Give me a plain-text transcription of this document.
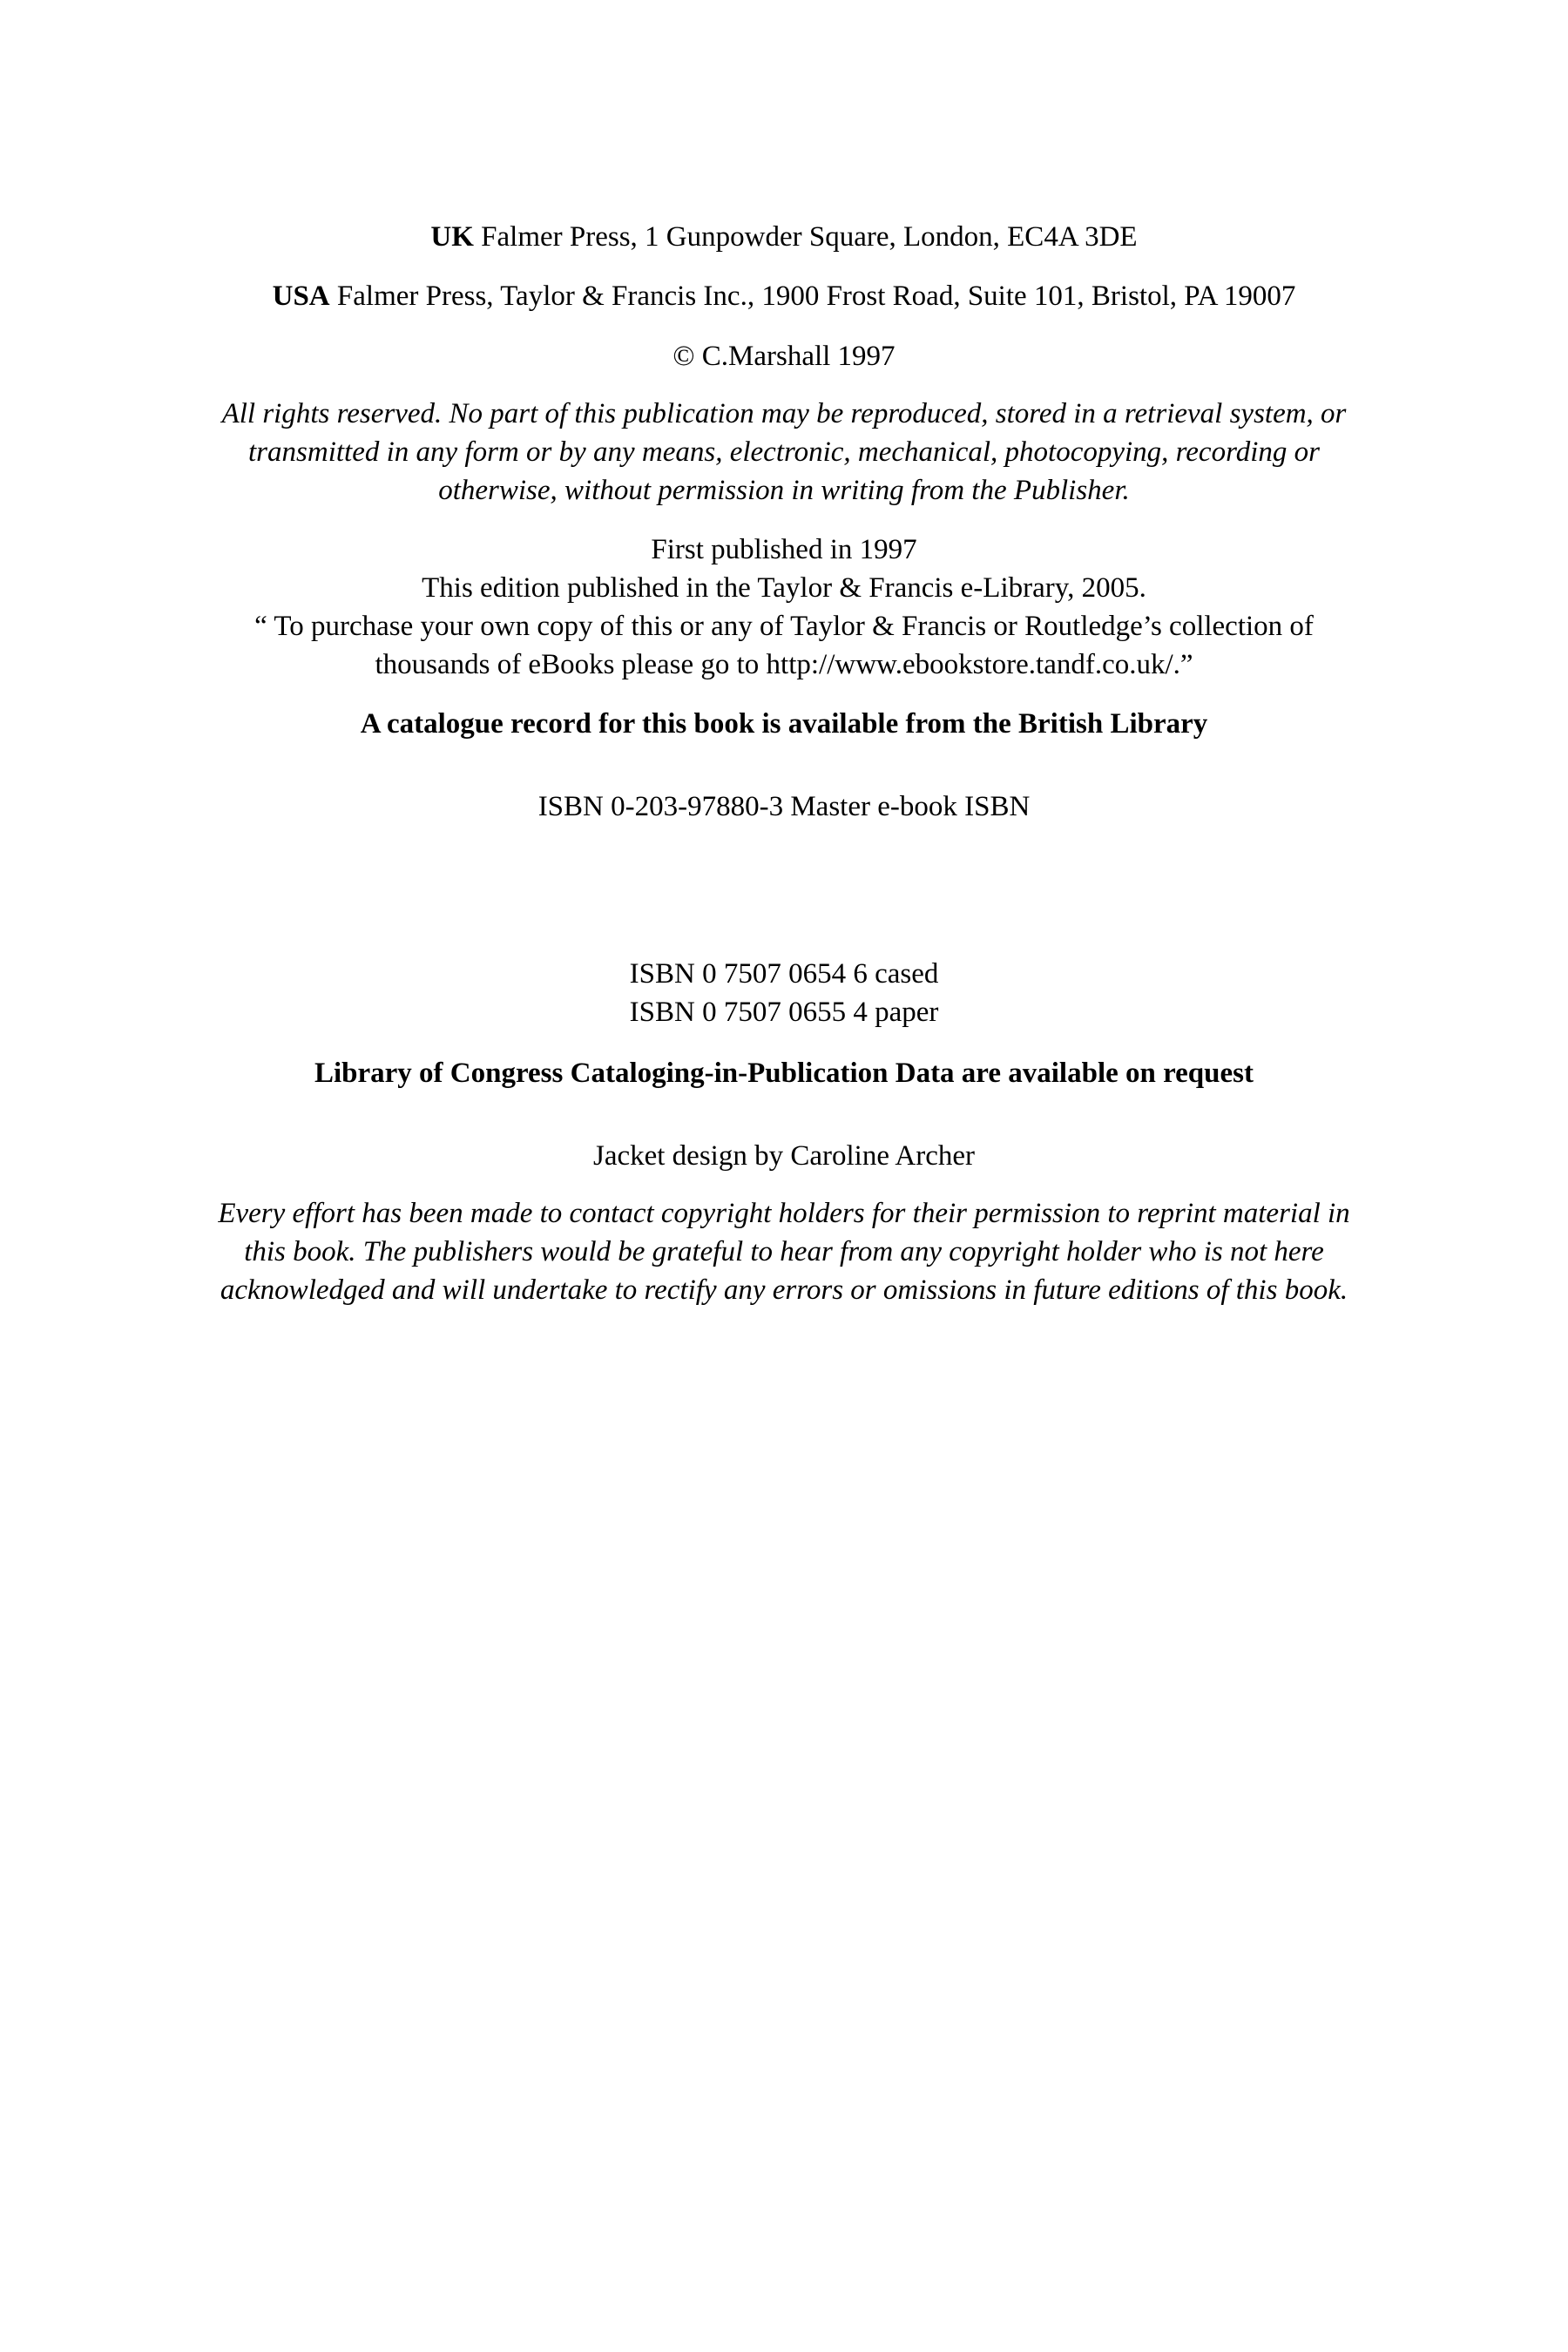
UK Falmer Press, 1 Gunpowder Square, London, EC4A 3DE
USA Falmer Press, Taylor & Francis Inc., 1900 Frost Road, Suite 101, Bristol, PA 19007
© C.Marshall 1997
All rights reserved. No part of this publication may be reproduced, stored in a retrieval system, or
transmitted in any form or by any means, electronic, mechanical, photocopying, recording or
otherwise, without permission in writing from the Publisher.
First published in 1997
This edition published in the Taylor & Francis e-Library, 2005.
“ To purchase your own copy of this or any of Taylor & Francis or Routledge’s collection of
thousands of eBooks please go to http://www.ebookstore.tandf.co.uk/.”
A catalogue record for this book is available from the British Library
ISBN 0-203-97880-3 Master e-book ISBN
ISBN 0 7507 0654 6 cased
ISBN 0 7507 0655 4 paper
Library of Congress Cataloging-in-Publication Data are available on request
Jacket design by Caroline Archer
Every effort has been made to contact copyright holders for their permission to reprint material in
this book. The publishers would be grateful to hear from any copyright holder who is not here
acknowledged and will undertake to rectify any errors or omissions in future editions of this book.
